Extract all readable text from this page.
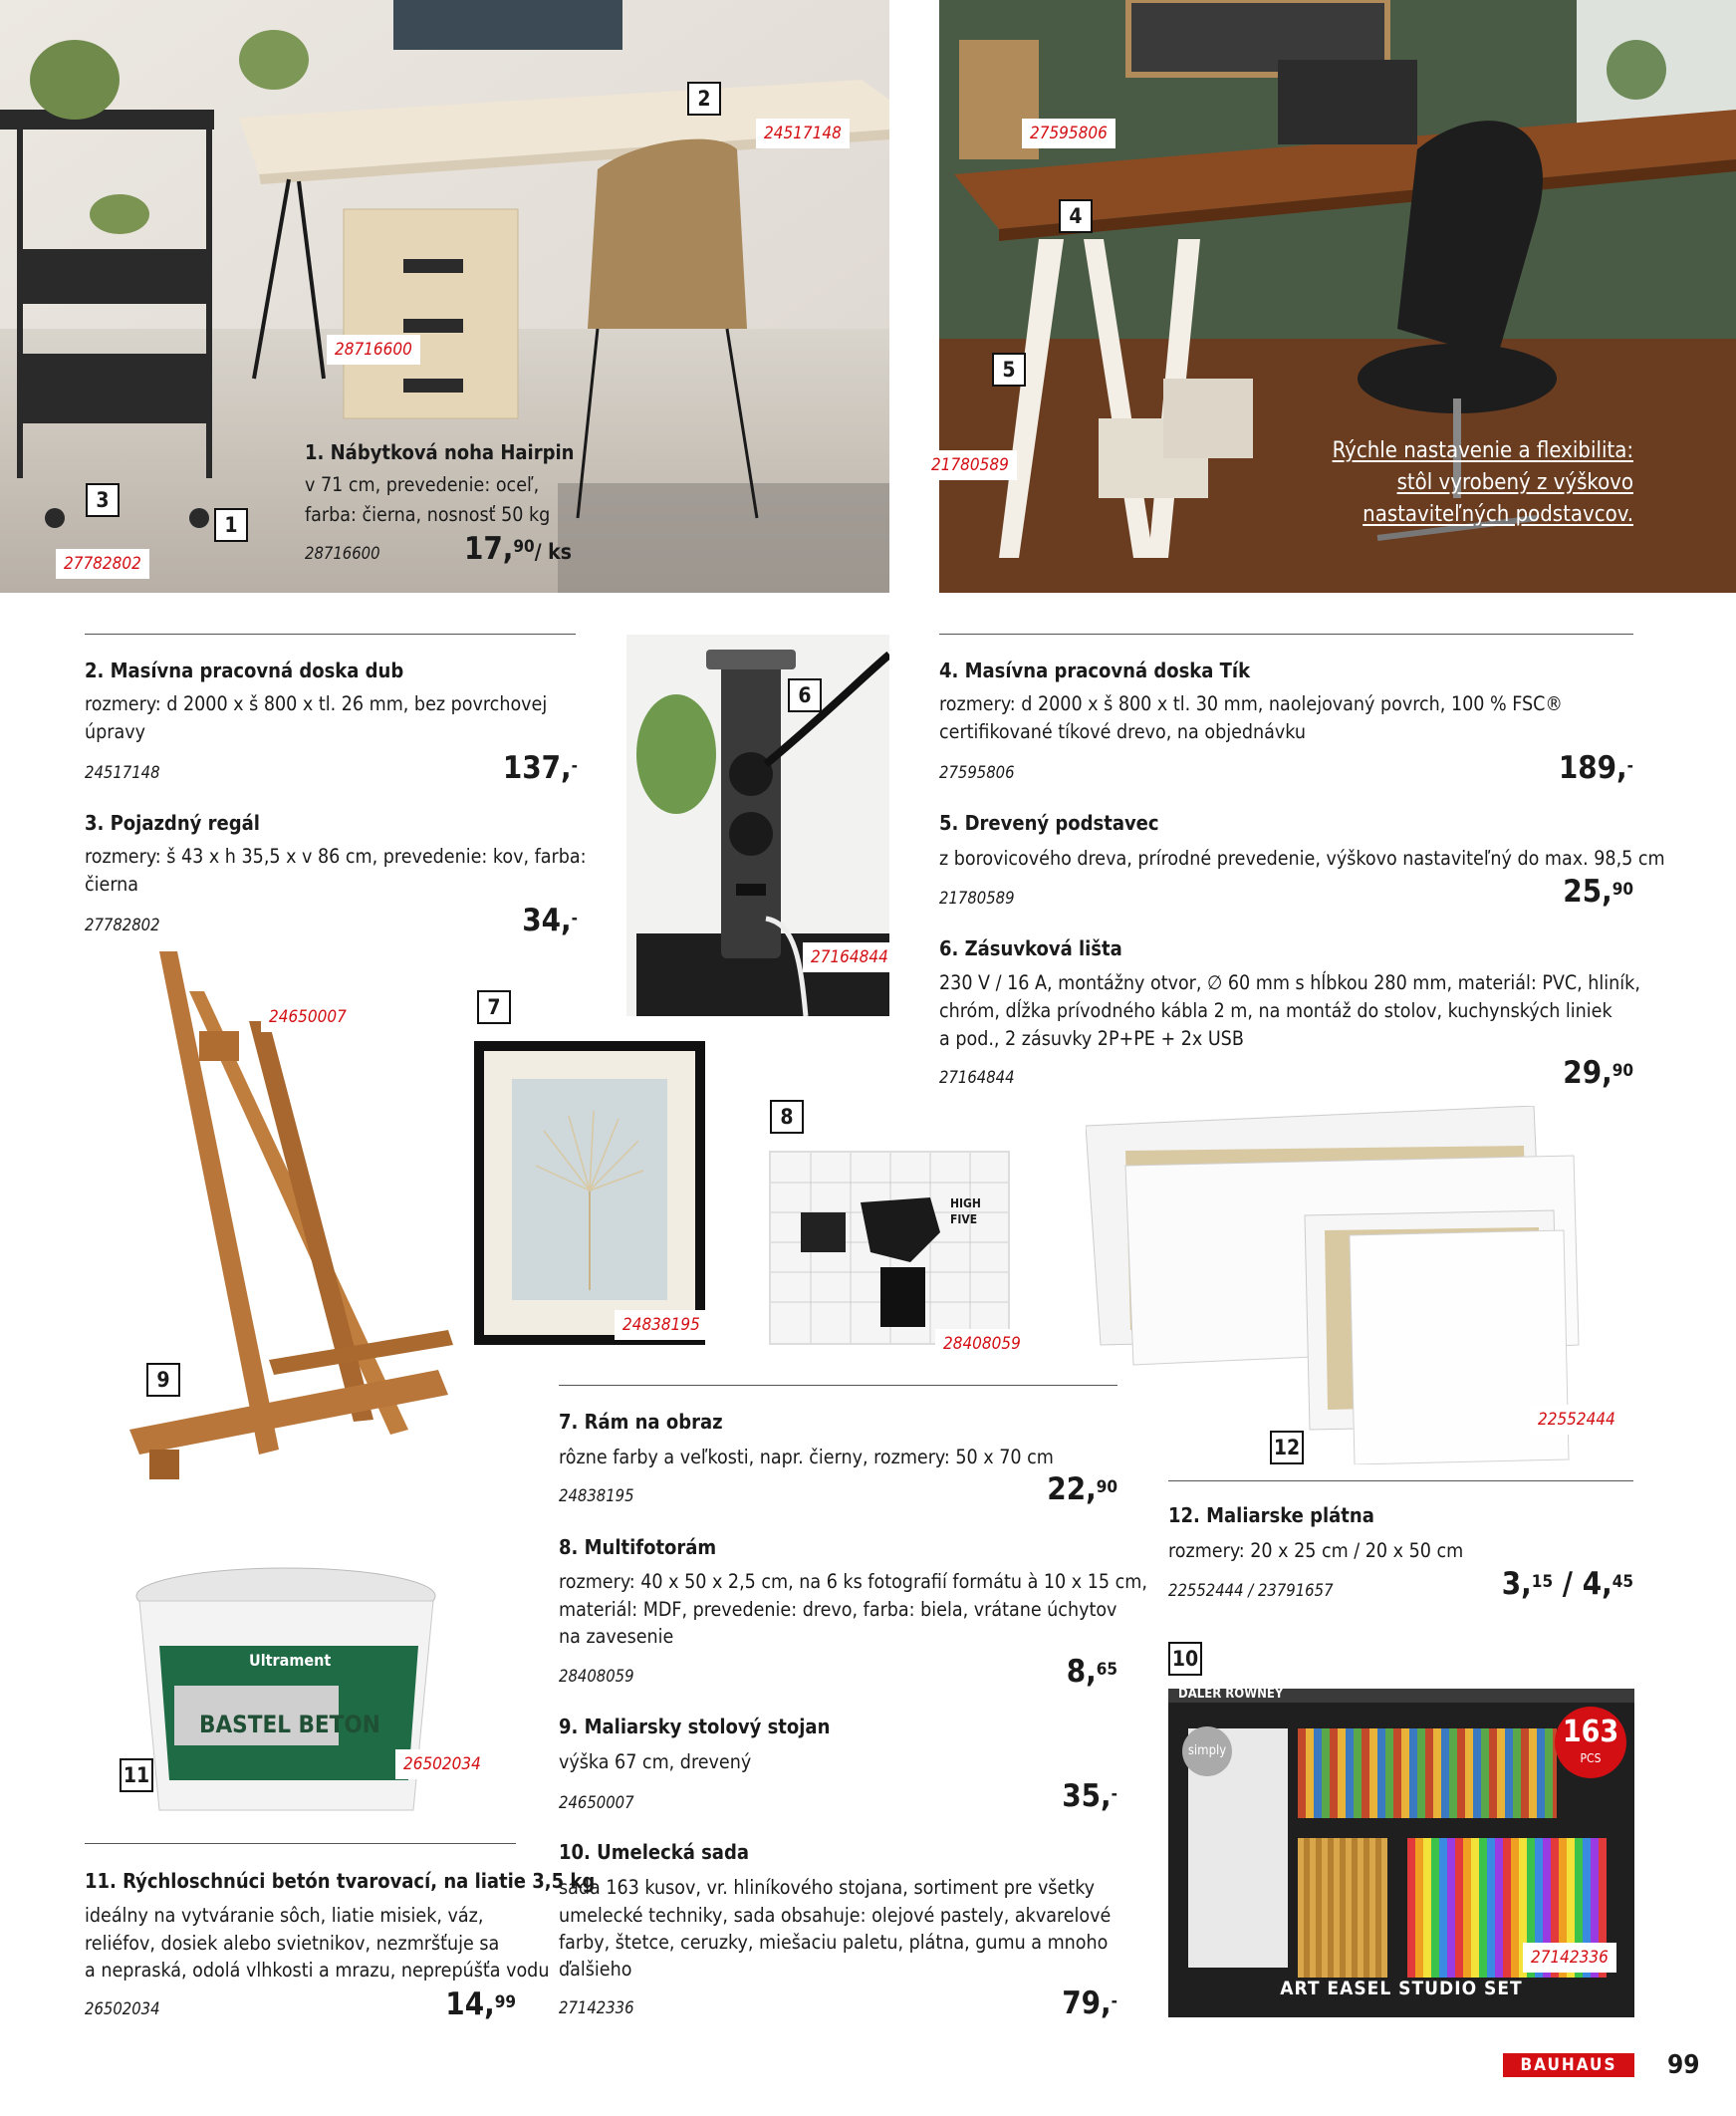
HIGH
FIVE
Ultrament
BASTEL BETON
DALER ROWNEY
simply
163
PCS
ART EASEL STUDIO SET
Rýchle nastavenie a flexibilita:
stôl vyrobený z výškovo
nastaviteľných podstavcov.
1
2
3
4
5
6
7
8
9
10
11
12
24517148
28716600
27782802
27595806
21780589
27164844
24650007
24838195
28408059
22552444
26502034
27142336
1. Nábytková noha Hairpin
v 71 cm, prevedenie: oceľ,
farba: čierna, nosnosť 50 kg
28716600	17,90/ ks
2. Masívna pracovná doska dub
rozmery: d 2000 x š 800 x tl. 26 mm, bez povrchovej
úpravy
24517148	137,-
3. Pojazdný regál
rozmery: š 43 x h 35,5 x v 86 cm, prevedenie: kov, farba:
čierna
27782802	34,-
4. Masívna pracovná doska Tík
rozmery: d 2000 x š 800 x tl. 30 mm, naolejovaný povrch, 100 % FSC®
certifikované tíkové drevo, na objednávku
27595806	189,-
5. Drevený podstavec
z borovicového dreva, prírodné prevedenie, výškovo nastaviteľný do max. 98,5 cm
21780589	25,90
6. Zásuvková lišta
230 V / 16 A, montážny otvor, ∅ 60 mm s hĺbkou 280 mm, materiál: PVC, hliník,
chróm, dĺžka prívodného kábla 2 m, na montáž do stolov, kuchynských liniek
a pod., 2 zásuvky 2P+PE + 2x USB
27164844	29,90
7. Rám na obraz
rôzne farby a veľkosti, napr. čierny, rozmery: 50 x 70 cm
24838195	22,90
8. Multifotorám
rozmery: 40 x 50 x 2,5 cm, na 6 ks fotografií formátu à 10 x 15 cm,
materiál: MDF, prevedenie: drevo, farba: biela, vrátane úchytov
na zavesenie
28408059	8,65
9. Maliarsky stolový stojan
výška 67 cm, drevený
24650007	35,-
10. Umelecká sada
sada 163 kusov, vr. hliníkového stojana, sortiment pre všetky
umelecké techniky, sada obsahuje: olejové pastely, akvarelové
farby, štetce, ceruzky, miešaciu paletu, plátna, gumu a mnoho
ďalšieho
27142336	79,-
11. Rýchloschnúci betón tvarovací, na liatie 3,5 kg
ideálny na vytváranie sôch, liatie misiek, váz,
reliéfov, dosiek alebo svietnikov, nezmršťuje sa
a nepraská, odolá vlhkosti a mrazu, neprepúšťa vodu
26502034	14,99
12. Maliarske plátna
rozmery: 20 x 25 cm / 20 x 50 cm
22552444 / 23791657	3,15 / 4,45
BAUHAUS	99
